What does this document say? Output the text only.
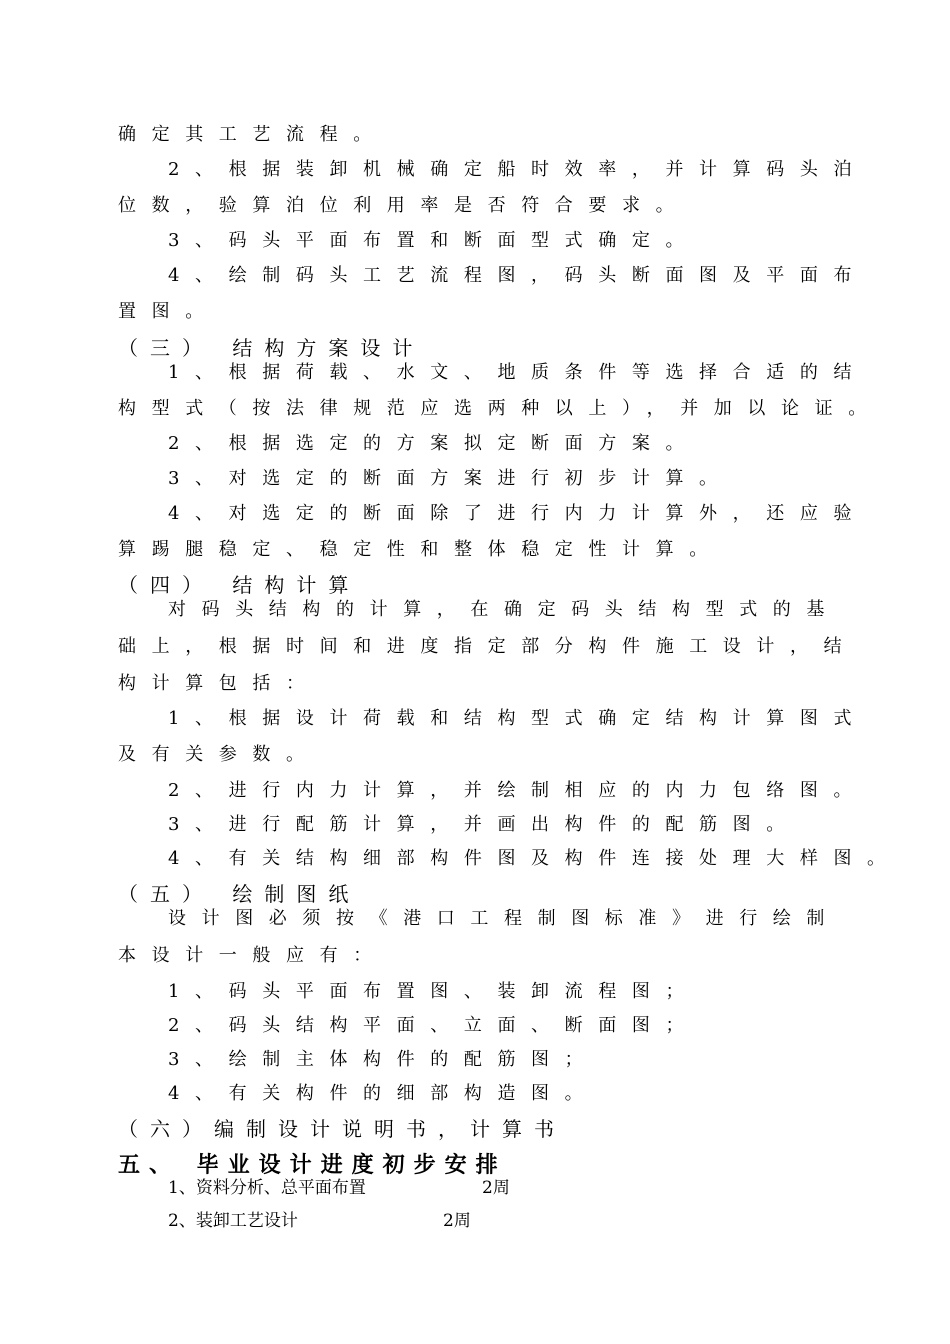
确定其工艺流程。
2、根据装卸机械确定船时效率，并计算码头泊
位数，验算泊位利用率是否符合要求。
3、码头平面布置和断面型式确定。
4、绘制码头工艺流程图，码头断面图及平面布
置图。
（三） 结构方案设计
1、根据荷载、水文、地质条件等选择合适的结
构型式（按法律规范应选两种以上），并加以论证。
2、根据选定的方案拟定断面方案。
3、对选定的断面方案进行初步计算。
4、对选定的断面除了进行内力计算外，还应验
算踢腿稳定、稳定性和整体稳定性计算。
（四） 结构计算
对码头结构的计算，在确定码头结构型式的基
础上，根据时间和进度指定部分构件施工设计，结
构计算包括：
1、根据设计荷载和结构型式确定结构计算图式
及有关参数。
2、进行内力计算，并绘制相应的内力包络图。
3、进行配筋计算，并画出构件的配筋图。
4、有关结构细部构件图及构件连接处理大样图。
（五） 绘制图纸
设计图必须按《港口工程制图标准》进行绘制
本设计一般应有：
1、码头平面布置图、装卸流程图；
2、码头结构平面、立面、断面图；
3、绘制主体构件的配筋图；
4、有关构件的细部构造图。
（六）编制设计说明书，计算书
五、 毕业设计进度初步安排
1、资料分析、总平面布置	2周
2、装卸工艺设计	2周
